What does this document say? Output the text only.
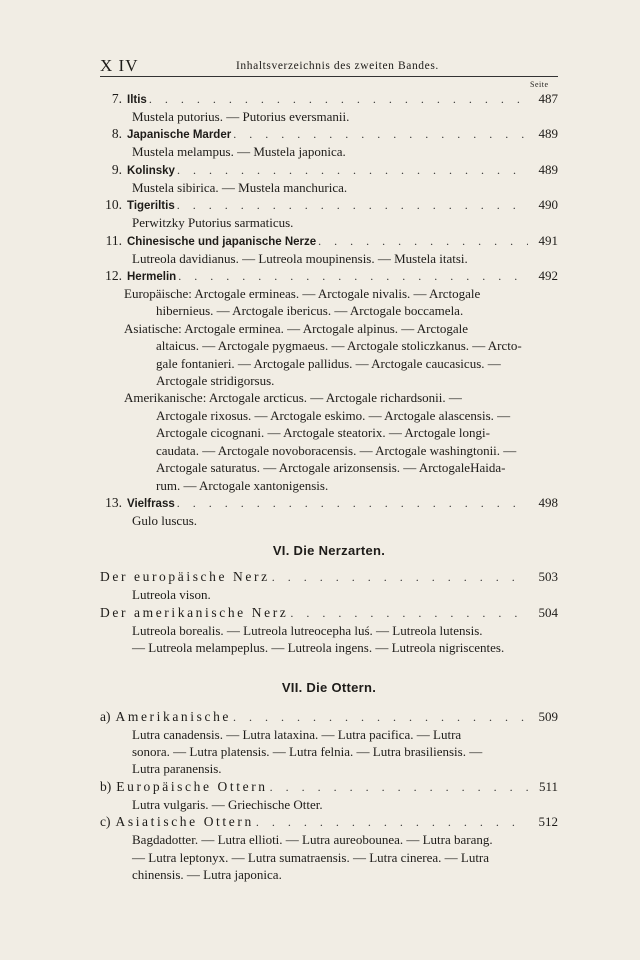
X IV	Inhaltsverzeichnis des zweiten Bandes.
Seite
7. Iltis . . .	487
Mustela putorius. — Putorius eversmanii.
8. Japanische Marder . . .	489
Mustela melampus. — Mustela japonica.
9. Kolinsky . . .	489
Mustela sibirica. — Mustela manchurica.
10. Tigeriltis . . .	490
Perwitzky Putorius sarmaticus.
11. Chinesische und japanische Nerze . . .	491
Lutreola davidianus. — Lutreola moupinensis. — Mustela itatsi.
12. Hermelin . . .	492
Europäische: Arctogale ermineas. — Arctogale nivalis. — Arctogale
hibernieus. — Arctogale ibericus. — Arctogale boccamela.
Asiatische: Arctogale erminea. — Arctogale alpinus. — Arctogale
altaicus. — Arctogale pygmaeus. — Arctogale stoliczkanus. — Arcto-
gale fontanieri. — Arctogale pallidus. — Arctogale caucasicus. —
Arctogale stridigorsus.
Amerikanische: Arctogale arcticus. — Arctogale richardsonii. —
Arctogale rixosus. — Arctogale eskimo. — Arctogale alascensis. —
Arctogale cicognani. — Arctogale steatorix. — Arctogale longi-
caudata. — Arctogale novoboracensis. — Arctogale washingtonii. —
Arctogale saturatus. — Arctogale arizonsensis. — ArctogaleHaida-
rum. — Arctogale xantonigensis.
13. Vielfrass . . .	498
Gulo luscus.
VI. Die Nerzarten.
Der europäische Nerz . . .	503
Lutreola vison.
Der amerikanische Nerz . . .	504
Lutreola borealis. — Lutreola lutreocepha luś. — Lutreola lutensis.
— Lutreola melampeplus. — Lutreola ingens. — Lutreola nigriscentes.
VII. Die Ottern.
a) Amerikanische . . .	509
Lutra canadensis. — Lutra lataxina. — Lutra pacifica. — Lutra
sonora. — Lutra platensis. — Lutra felnia. — Lutra brasiliensis. —
Lutra paranensis.
b) Europäische Ottern . . .	511
Lutra vulgaris. — Griechische Otter.
c) Asiatische Ottern . . .	512
Bagdadotter. — Lutra ellioti. — Lutra aureobounea. — Lutra barang.
— Lutra leptonyx. — Lutra sumatraensis. — Lutra cinerea. — Lutra
chinensis. — Lutra japonica.
